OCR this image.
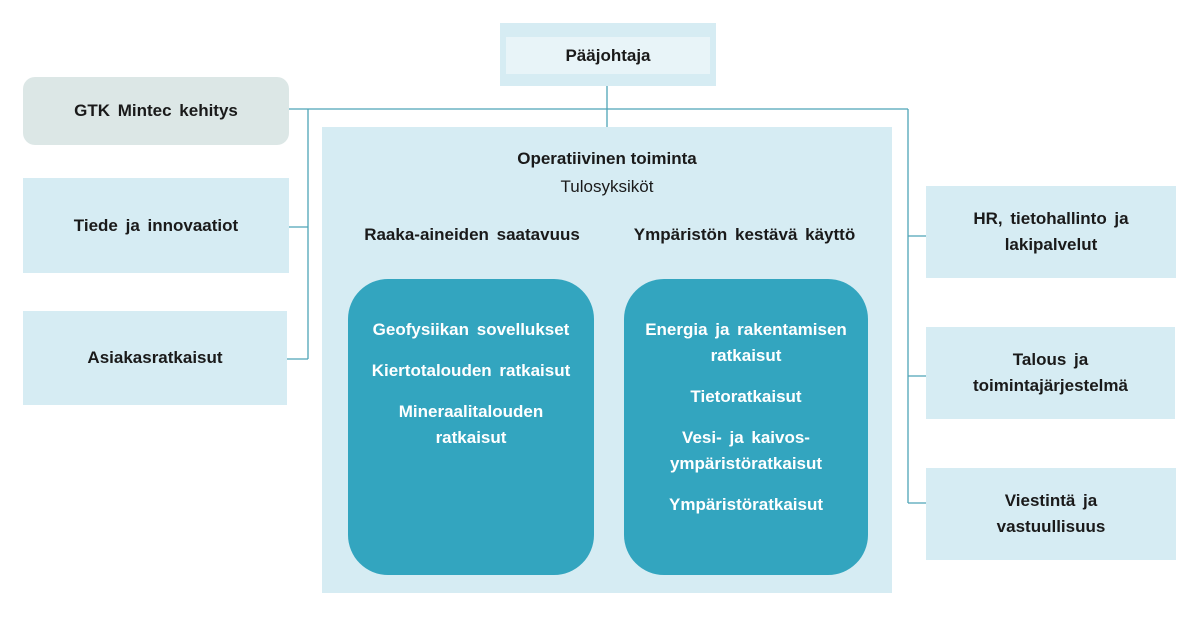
Pääjohtaja
GTK Mintec kehitys
Tiede ja innovaatiot
Asiakasratkaisut
HR, tietohallinto ja
lakipalvelut
Talous ja
toimintajärjestelmä
Viestintä ja
vastuullisuus
Operatiivinen toiminta
Tulosyksiköt
Raaka-aineiden saatavuus	Ympäristön kestävä käyttö
Geofysiikan sovellukset
Kiertotalouden ratkaisut
Mineraalitalouden ratkaisut
Energia ja rakentamisen ratkaisut
Tietoratkaisut
Vesi- ja kaivos-ympäristöratkaisut
Ympäristöratkaisut
